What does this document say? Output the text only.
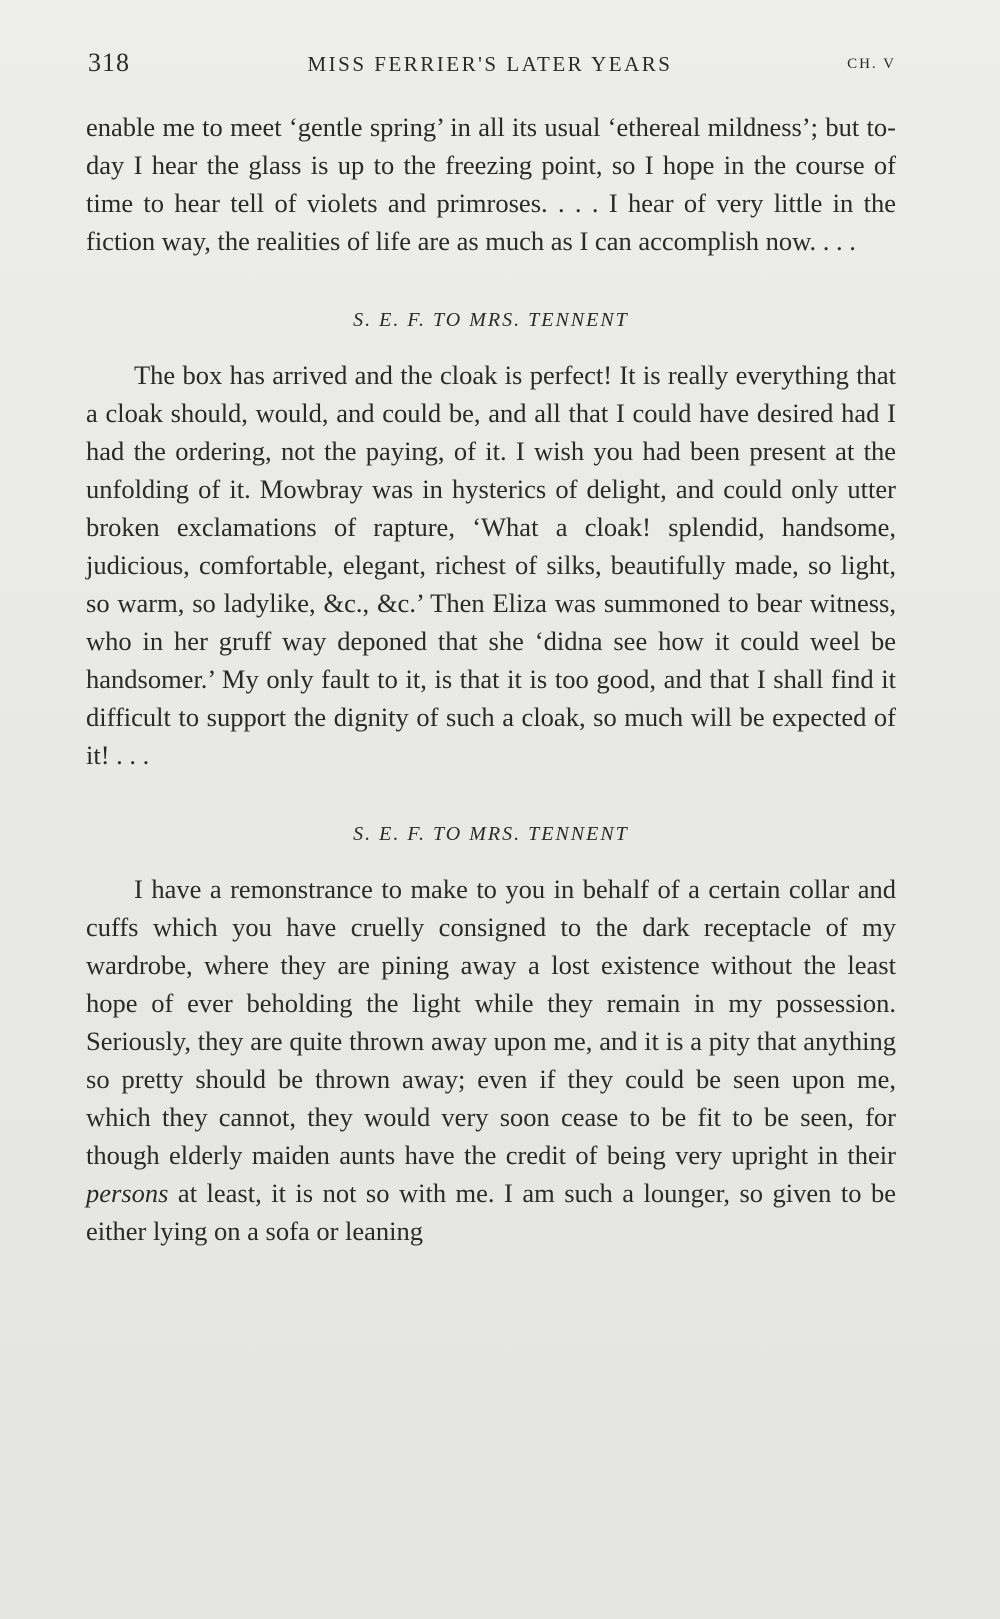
318	MISS FERRIER'S LATER YEARS	CH. V

enable me to meet ‘gentle spring’ in all its usual ‘ethereal mildness’; but to-day I hear the glass is up to the freezing point, so I hope in the course of time to hear tell of violets and primroses. . . . I hear of very little in the fiction way, the realities of life are as much as I can accomplish now. . . .

S. E. F. TO MRS. TENNENT

The box has arrived and the cloak is perfect! It is really everything that a cloak should, would, and could be, and all that I could have desired had I had the ordering, not the paying, of it. I wish you had been present at the unfolding of it. Mowbray was in hysterics of delight, and could only utter broken exclamations of rapture, ‘What a cloak! splendid, handsome, judicious, comfortable, elegant, richest of silks, beautifully made, so light, so warm, so ladylike, &c., &c.’ Then Eliza was summoned to bear witness, who in her gruff way deponed that she ‘didna see how it could weel be handsomer.’ My only fault to it, is that it is too good, and that I shall find it difficult to support the dignity of such a cloak, so much will be expected of it! . . .

S. E. F. TO MRS. TENNENT

I have a remonstrance to make to you in behalf of a certain collar and cuffs which you have cruelly consigned to the dark receptacle of my wardrobe, where they are pining away a lost existence without the least hope of ever beholding the light while they remain in my possession. Seriously, they are quite thrown away upon me, and it is a pity that anything so pretty should be thrown away; even if they could be seen upon me, which they cannot, they would very soon cease to be fit to be seen, for though elderly maiden aunts have the credit of being very upright in their persons at least, it is not so with me. I am such a lounger, so given to be either lying on a sofa or leaning
